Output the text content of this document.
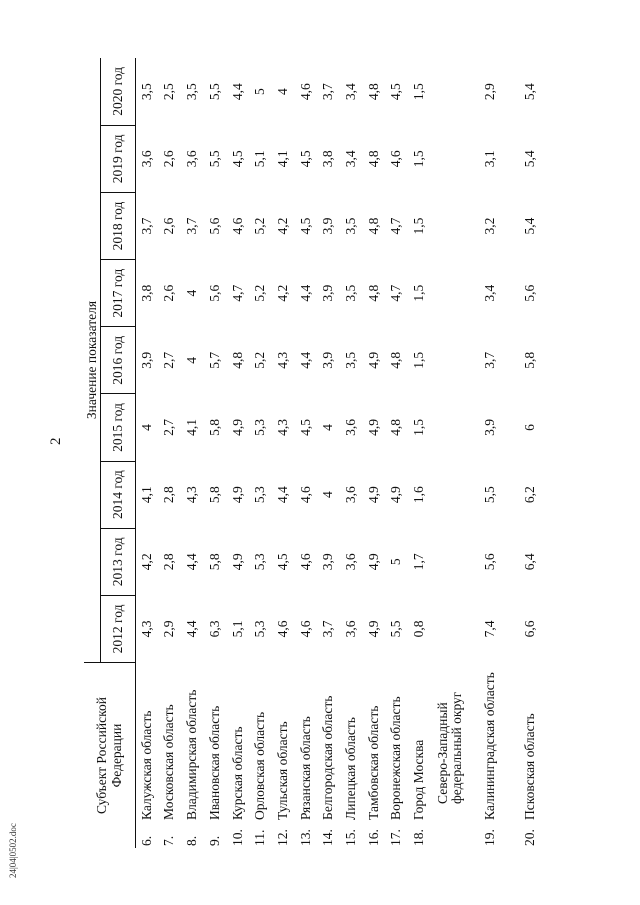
2
Субъект Российской Федерации		Значение показателя								
		2012 год	2013 год	2014 год	2015 год	2016 год	2017 год	2018 год	2019 год	2020 год
6.	Калужская область	4,3	4,2	4,1	4	3,9	3,8	3,7	3,6	3,5
7.	Московская область	2,9	2,8	2,8	2,7	2,7	2,6	2,6	2,6	2,5
8.	Владимирская область	4,4	4,4	4,3	4,1	4	4	3,7	3,6	3,5
9.	Ивановская область	6,3	5,8	5,8	5,8	5,7	5,6	5,6	5,5	5,5
10.	Курская область	5,1	4,9	4,9	4,9	4,8	4,7	4,6	4,5	4,4
11.	Орловская область	5,3	5,3	5,3	5,3	5,2	5,2	5,2	5,1	5
12.	Тульская область	4,6	4,5	4,4	4,3	4,3	4,2	4,2	4,1	4
13.	Рязанская область	4,6	4,6	4,6	4,5	4,4	4,4	4,5	4,5	4,6
14.	Белгородская область	3,7	3,9	4	4	3,9	3,9	3,9	3,8	3,7
15.	Липецкая область	3,6	3,6	3,6	3,6	3,5	3,5	3,5	3,4	3,4
16.	Тамбовская область	4,9	4,9	4,9	4,9	4,9	4,8	4,8	4,8	4,8
17.	Воронежская область	5,5	5	4,9	4,8	4,8	4,7	4,7	4,6	4,5
18.	Город Москва	0,8	1,7	1,6	1,5	1,5	1,5	1,5	1,5	1,5
	Северо-Западный федеральный округ									
19.	Калининградская область	7,4	5,6	5,5	3,9	3,7	3,4	3,2	3,1	2,9
20.	Псковская область	6,6	6,4	6,2	6	5,8	5,6	5,4	5,4	5,4
24|04|0502.doc
